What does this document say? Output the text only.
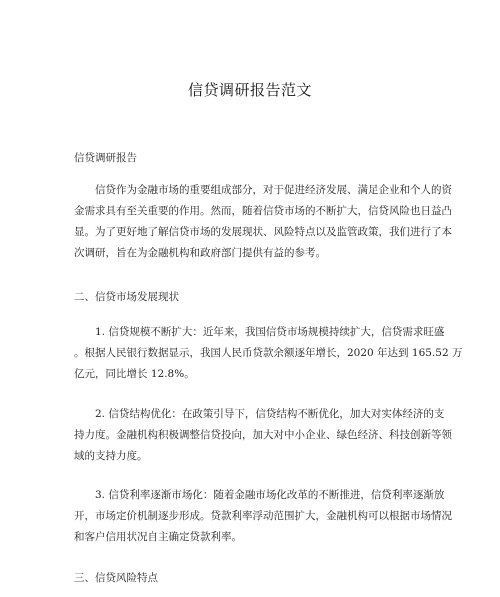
信贷调研报告范文
信贷调研报告
信贷作为金融市场的重要组成部分，对于促进经济发展、满足企业和个人的资
金需求具有至关重要的作用。然而，随着信贷市场的不断扩大，信贷风险也日益凸
显。为了更好地了解信贷市场的发展现状、风险特点以及监管政策，我们进行了本
次调研，旨在为金融机构和政府部门提供有益的参考。
二、信贷市场发展现状
1. 信贷规模不断扩大：近年来，我国信贷市场规模持续扩大，信贷需求旺盛
。根据人民银行数据显示，我国人民币贷款余额逐年增长，2020 年达到 165.52 万
亿元，同比增长 12.8%。
2. 信贷结构优化：在政策引导下，信贷结构不断优化，加大对实体经济的支
持力度。金融机构积极调整信贷投向，加大对中小企业、绿色经济、科技创新等领
域的支持力度。
3. 信贷利率逐渐市场化：随着金融市场化改革的不断推进，信贷利率逐渐放
开，市场定价机制逐步形成。贷款利率浮动范围扩大，金融机构可以根据市场情况
和客户信用状况自主确定贷款利率。
三、信贷风险特点
